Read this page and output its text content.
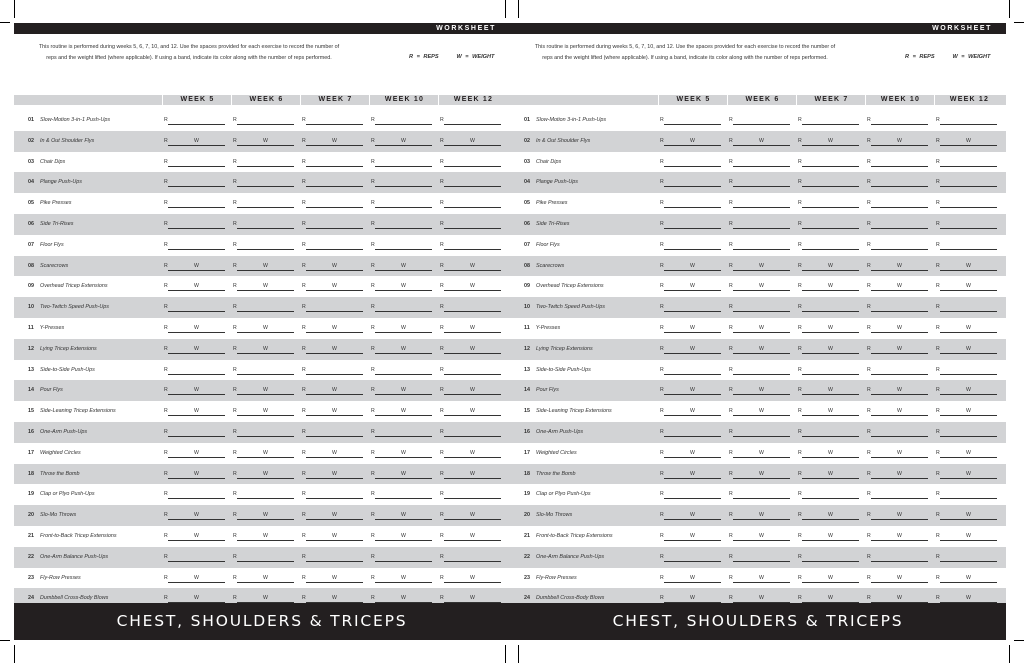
WORKSHEET
This routine is performed during weeks 5, 6, 7, 10, and 12. Use the spaces provided for each exercise to record the number of reps and the weight lifted (where applicable). If using a band, indicate its color along with the number of reps performed.	R = REPS	W = WEIGHT
WEEK 5	WEEK 6	WEEK 7	WEEK 10	WEEK 12
01 Slow-Motion 3-in-1 Push-Ups	R	R	R	R	R
02 In & Out Shoulder Flys	R	W	R	W	R	W	R	W	R	W
03 Chair Dips	R	R	R	R	R
04 Plange Push-Ups	R	R	R	R	R
05 Pike Presses	R	R	R	R	R
06 Side Tri-Rises	R	R	R	R	R
07 Floor Flys	R	R	R	R	R
08 Scarecrows	R	W	R	W	R	W	R	W	R	W
09 Overhead Tricep Extensions	R	W	R	W	R	W	R	W	R	W
10 Two-Twitch Speed Push-Ups	R	R	R	R	R
11 Y-Presses	R	W	R	W	R	W	R	W	R	W
12 Lying Tricep Extensions	R	W	R	W	R	W	R	W	R	W
13 Side-to-Side Push-Ups	R	R	R	R	R
14 Pour Flys	R	W	R	W	R	W	R	W	R	W
15 Side-Leaning Tricep Extensions	R	W	R	W	R	W	R	W	R	W
16 One-Arm Push-Ups	R	R	R	R	R
17 Weighted Circles	R	W	R	W	R	W	R	W	R	W
18 Throw the Bomb	R	W	R	W	R	W	R	W	R	W
19 Clap or Plyo Push-Ups	R	R	R	R	R
20 Slo-Mo Throws	R	W	R	W	R	W	R	W	R	W
21 Front-to-Back Tricep Extensions	R	W	R	W	R	W	R	W	R	W
22 One-Arm Balance Push-Ups	R	R	R	R	R
23 Fly-Row Presses	R	W	R	W	R	W	R	W	R	W
24 Dumbbell Cross-Body Blows	R	W	R	W	R	W	R	W	R	W
CHEST, SHOULDERS & TRICEPS
WORKSHEET
This routine is performed during weeks 5, 6, 7, 10, and 12. Use the spaces provided for each exercise to record the number of reps and the weight lifted (where applicable). If using a band, indicate its color along with the number of reps performed.	R = REPS	W = WEIGHT
WEEK 5	WEEK 6	WEEK 7	WEEK 10	WEEK 12
01 Slow-Motion 3-in-1 Push-Ups	R	R	R	R	R
02 In & Out Shoulder Flys	R	W	R	W	R	W	R	W	R	W
03 Chair Dips	R	R	R	R	R
04 Plange Push-Ups	R	R	R	R	R
05 Pike Presses	R	R	R	R	R
06 Side Tri-Rises	R	R	R	R	R
07 Floor Flys	R	R	R	R	R
08 Scarecrows	R	W	R	W	R	W	R	W	R	W
09 Overhead Tricep Extensions	R	W	R	W	R	W	R	W	R	W
10 Two-Twitch Speed Push-Ups	R	R	R	R	R
11 Y-Presses	R	W	R	W	R	W	R	W	R	W
12 Lying Tricep Extensions	R	W	R	W	R	W	R	W	R	W
13 Side-to-Side Push-Ups	R	R	R	R	R
14 Pour Flys	R	W	R	W	R	W	R	W	R	W
15 Side-Leaning Tricep Extensions	R	W	R	W	R	W	R	W	R	W
16 One-Arm Push-Ups	R	R	R	R	R
17 Weighted Circles	R	W	R	W	R	W	R	W	R	W
18 Throw the Bomb	R	W	R	W	R	W	R	W	R	W
19 Clap or Plyo Push-Ups	R	R	R	R	R
20 Slo-Mo Throws	R	W	R	W	R	W	R	W	R	W
21 Front-to-Back Tricep Extensions	R	W	R	W	R	W	R	W	R	W
22 One-Arm Balance Push-Ups	R	R	R	R	R
23 Fly-Row Presses	R	W	R	W	R	W	R	W	R	W
24 Dumbbell Cross-Body Blows	R	W	R	W	R	W	R	W	R	W
CHEST, SHOULDERS & TRICEPS
